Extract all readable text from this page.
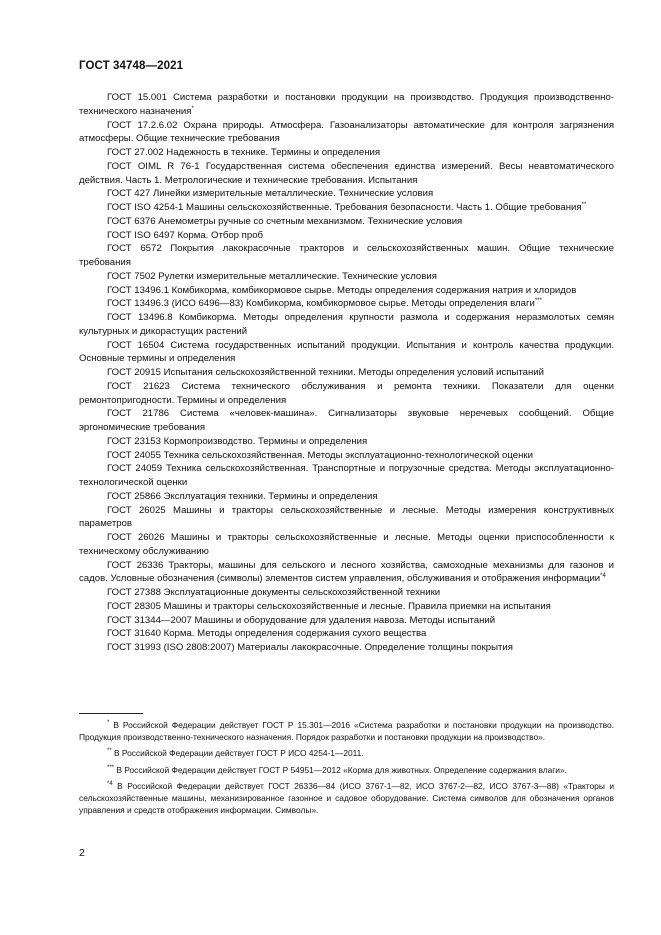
ГОСТ 34748—2021

ГОСТ 15.001 Система разработки и постановки продукции на производство. Продукция производственно-технического назначения*

ГОСТ 17.2.6.02 Охрана природы. Атмосфера. Газоанализаторы автоматические для контроля загрязнения атмосферы. Общие технические требования

ГОСТ 27.002 Надежность в технике. Термины и определения

ГОСТ OIML R 76-1 Государственная система обеспечения единства измерений. Весы неавтоматического действия. Часть 1. Метрологические и технические требования. Испытания

ГОСТ 427 Линейки измерительные металлические. Технические условия

ГОСТ ISO 4254-1 Машины сельскохозяйственные. Требования безопасности. Часть 1. Общие требования**

ГОСТ 6376 Анемометры ручные со счетным механизмом. Технические условия

ГОСТ ISO 6497 Корма. Отбор проб

ГОСТ 6572 Покрытия лакокрасочные тракторов и сельскохозяйственных машин. Общие технические требования

ГОСТ 7502 Рулетки измерительные металлические. Технические условия

ГОСТ 13496.1 Комбикорма, комбикормовое сырье. Методы определения содержания натрия и хлоридов

ГОСТ 13496.3 (ИСО 6496—83) Комбикорма, комбикормовое сырье. Методы определения влаги***

ГОСТ 13496.8 Комбикорма. Методы определения крупности размола и содержания неразмолотых семян культурных и дикорастущих растений

ГОСТ 16504 Система государственных испытаний продукции. Испытания и контроль качества продукции. Основные термины и определения

ГОСТ 20915 Испытания сельскохозяйственной техники. Методы определения условий испытаний

ГОСТ 21623 Система технического обслуживания и ремонта техники. Показатели для оценки ремонтопригодности. Термины и определения

ГОСТ 21786 Система «человек-машина». Сигнализаторы звуковые неречевых сообщений. Общие эргономические требования

ГОСТ 23153 Кормопроизводство. Термины и определения

ГОСТ 24055 Техника сельскохозяйственная. Методы эксплуатационно-технологической оценки

ГОСТ 24059 Техника сельскохозяйственная. Транспортные и погрузочные средства. Методы эксплуатационно-технологической оценки

ГОСТ 25866 Эксплуатация техники. Термины и определения

ГОСТ 26025 Машины и тракторы сельскохозяйственные и лесные. Методы измерения конструктивных параметров

ГОСТ 26026 Машины и тракторы сельскохозяйственные и лесные. Методы оценки приспособленности к техническому обслуживанию

ГОСТ 26336 Тракторы, машины для сельского и лесного хозяйства, самоходные механизмы для газонов и садов. Условные обозначения (символы) элементов систем управления, обслуживания и отображения информации$^{*4}$

ГОСТ 27388 Эксплуатационные документы сельскохозяйственной техники

ГОСТ 28305 Машины и тракторы сельскохозяйственные и лесные. Правила приемки на испытания

ГОСТ 31344—2007 Машины и оборудование для удаления навоза. Методы испытаний

ГОСТ 31640 Корма. Методы определения содержания сухого вещества

ГОСТ 31993 (ISO 2808:2007) Материалы лакокрасочные. Определение толщины покрытия

* В Российской Федерации действует ГОСТ Р 15.301—2016 «Система разработки и постановки продукции на производство. Продукция производственно-технического назначения. Порядок разработки и постановки продукции на производство».

** В Российской Федерации действует ГОСТ Р ИСО 4254-1—2011.

*** В Российской Федерации действует ГОСТ Р 54951—2012 «Корма для животных. Определение содержания влаги».

$^{*4}$ В Российской Федерации действует ГОСТ 26336—84 (ИСО 3767-1—82, ИСО 3767-2—82, ИСО 3767-3—88) «Тракторы и сельскохозяйственные машины, механизированное газонное и садовое оборудование. Система символов для обозначения органов управления и средств отображения информации. Символы».

2
